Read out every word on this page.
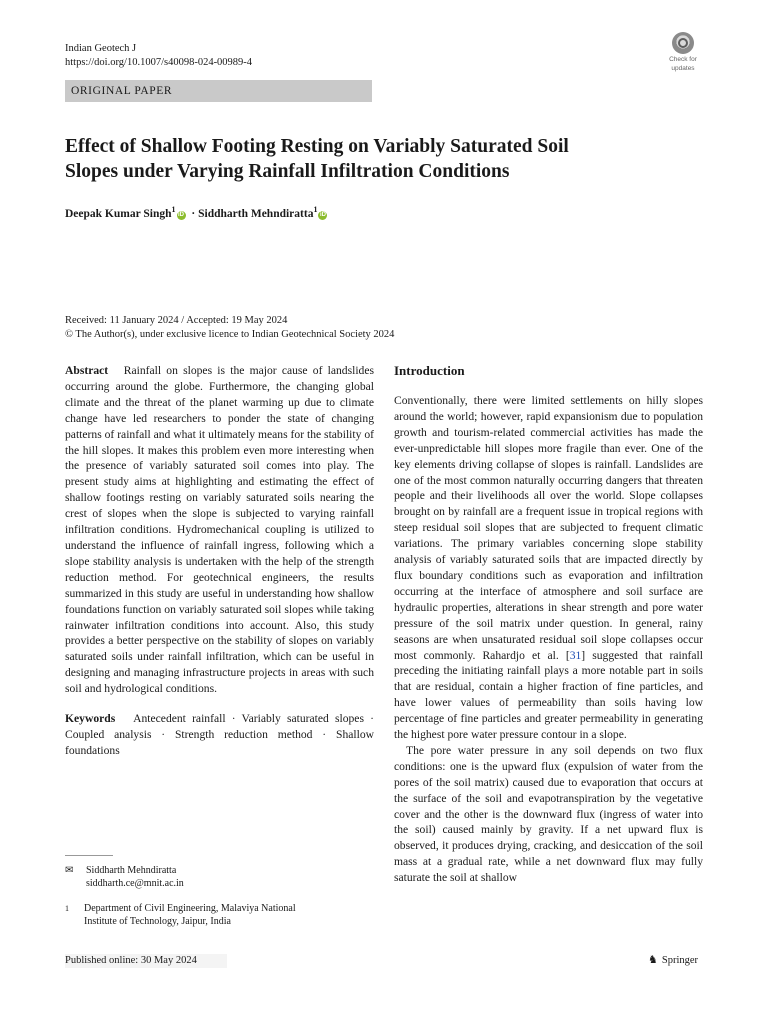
Indian Geotech J
https://doi.org/10.1007/s40098-024-00989-4	Check for
updates
ORIGINAL PAPER
Effect of Shallow Footing Resting on Variably Saturated Soil
Slopes under Varying Rainfall Infiltration Conditions
Deepak Kumar Singh$^1$iD · Siddharth Mehndiratta$^1$iD
Received: 11 January 2024 / Accepted: 19 May 2024
© The Author(s), under exclusive licence to Indian Geotechnical Society 2024

Abstract Rainfall on slopes is the major cause of landslides occurring around the globe. Furthermore, the changing global climate and the threat of the planet warming up due to climate change have led researchers to ponder the state of changing patterns of rainfall and what it ultimately means for the stability of the hill slopes. It makes this problem even more interesting when the presence of variably saturated soil comes into play. The present study aims at highlighting and estimating the effect of shallow footings resting on variably saturated soils nearing the crest of slopes when the slope is subjected to varying rainfall infiltration conditions. Hydromechanical coupling is utilized to understand the influence of rainfall ingress, following which a slope stability analysis is undertaken with the help of the strength reduction method. For geotechnical engineers, the results summarized in this study are useful in understanding how shallow foundations function on variably saturated soil slopes while taking rainwater infiltration conditions into account. Also, this study provides a better perspective on the stability of slopes on variably saturated soils under rainfall infiltration, which can be useful in designing and managing infrastructure projects in areas with such soil and hydrological conditions.

Keywords Antecedent rainfall · Variably saturated slopes · Coupled analysis · Strength reduction method · Shallow foundations

✉ Siddharth Mehndiratta
siddharth.ce@mnit.ac.in
1 Department of Civil Engineering, Malaviya National
Institute of Technology, Jaipur, India
Introduction

Conventionally, there were limited settlements on hilly slopes around the world; however, rapid expansionism due to population growth and tourism-related commercial activities has made the ever-unpredictable hill slopes more fragile than ever. One of the key elements driving collapse of slopes is rainfall. Landslides are one of the most common naturally occurring dangers that threaten people and their livelihoods all over the world. Slope collapses brought on by rainfall are a frequent issue in tropical regions with steep residual soil slopes that are subjected to frequent climatic variations. The primary variables concerning slope stability analysis of variably saturated soils that are impacted directly by flux boundary conditions such as evaporation and infiltration occurring at the interface of atmosphere and soil surface are hydraulic properties, alterations in shear strength and pore water pressure of the soil matrix under question. In general, rainy seasons are when unsaturated residual soil slope collapses occur most commonly. Rahardjo et al. [31] suggested that rainfall preceding the initiating rainfall plays a more notable part in soils that are residual, contain a higher fraction of fine particles, and have lower values of permeability than soils having low percentage of fine particles and greater permeability in generating the highest pore water pressure contour in a slope.

The pore water pressure in any soil depends on two flux conditions: one is the upward flux (expulsion of water from the pores of the soil matrix) caused due to evaporation that occurs at the surface of the soil and evapotranspiration by the vegetative cover and the other is the downward flux (ingress of water into the soil) caused mainly by gravity. If a net upward flux is observed, it produces drying, cracking, and desiccation of the soil mass at a gradual rate, while a net downward flux may fully saturate the soil at shallow

Published online: 30 May 2024	♞ Springer
